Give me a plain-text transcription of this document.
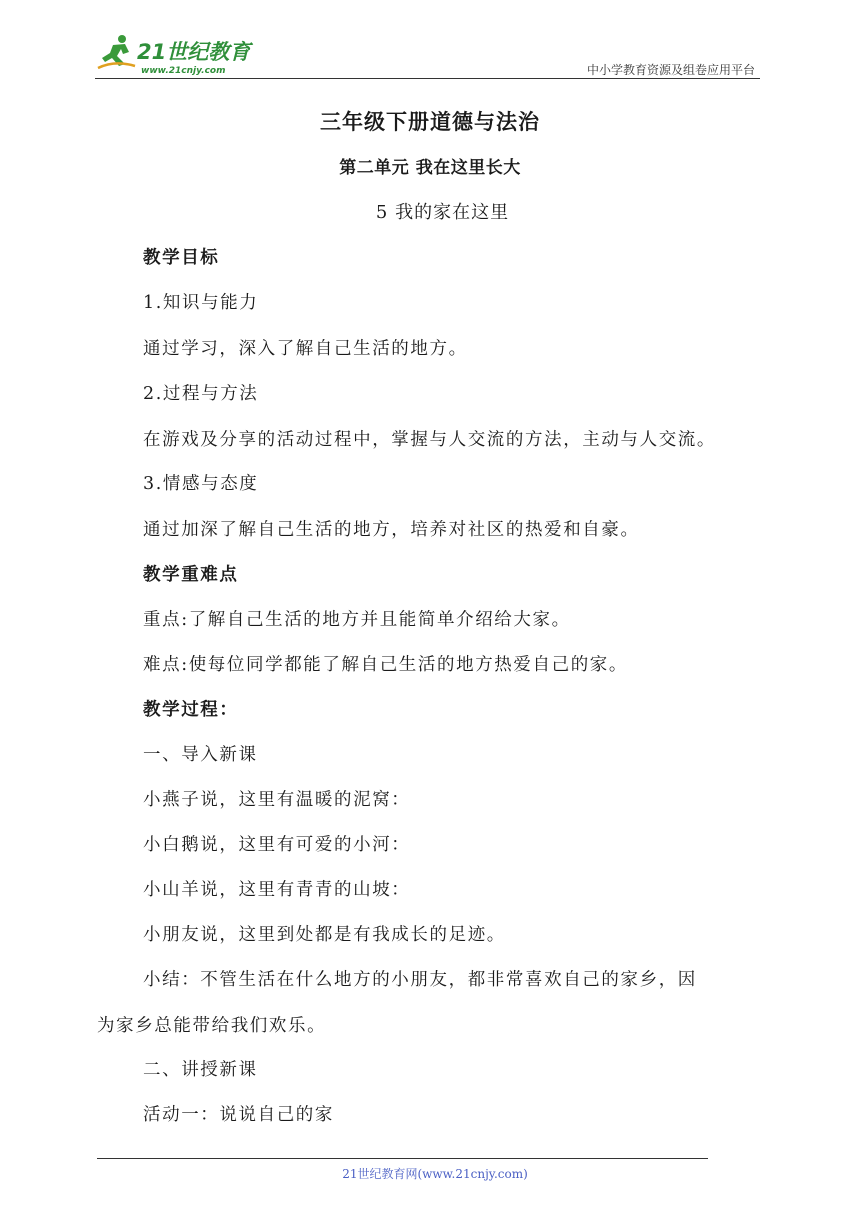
21世纪教育
www.21cnjy.com	中小学教育资源及组卷应用平台
三年级下册道德与法治
第二单元 我在这里长大
5 我的家在这里
教学目标
1.知识与能力
通过学习，深入了解自己生活的地方。
2.过程与方法
在游戏及分享的活动过程中，掌握与人交流的方法，主动与人交流。
3.情感与态度
通过加深了解自己生活的地方，培养对社区的热爱和自豪。
教学重难点
重点:了解自己生活的地方并且能简单介绍给大家。
难点:使每位同学都能了解自己生活的地方热爱自己的家。
教学过程：
一、导入新课
小燕子说，这里有温暖的泥窝：
小白鹅说，这里有可爱的小河：
小山羊说，这里有青青的山坡：
小朋友说，这里到处都是有我成长的足迹。
小结：不管生活在什么地方的小朋友，都非常喜欢自己的家乡，因
为家乡总能带给我们欢乐。
二、讲授新课
活动一：说说自己的家
21世纪教育网(www.21cnjy.com)
